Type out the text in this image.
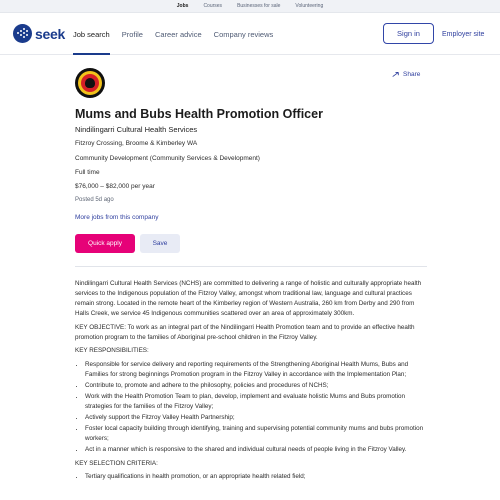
Jobs	Courses	Businesses for sale	Volunteering
seek Job search Profile Career advice Company reviews	Sign in	Employer site
Share
Mums and Bubs Health Promotion Officer
Nindilingarri Cultural Health Services
Fitzroy Crossing, Broome & Kimberley WA
Community Development (Community Services & Development)
Full time
$76,000 – $82,000 per year
Posted 5d ago
More jobs from this company
Quick apply	Save

Nindilingarri Cultural Health Services (NCHS) are committed to delivering a range of holistic and culturally appropriate health services to the Indigenous population of the Fitzroy Valley, amongst whom traditional law, language and cultural practices remain strong. Located in the remote heart of the Kimberley region of Western Australia, 260 km from Derby and 290 from Halls Creek, we service 45 Indigenous communities scattered over an area of approximately 300km.

KEY OBJECTIVE: To work as an integral part of the Nindilingarri Health Promotion team and to provide an effective health promotion program to the families of Aboriginal pre-school children in the Fitzroy Valley.

KEY RESPONSIBILITIES:

• Responsible for service delivery and reporting requirements of the Strengthening Aboriginal Health Mums, Bubs and Families for strong beginnings Promotion program in the Fitzroy Valley in accordance with the Implementation Plan;
• Contribute to, promote and adhere to the philosophy, policies and procedures of NCHS;
• Work with the Health Promotion Team to plan, develop, implement and evaluate holistic Mums and Bubs promotion strategies for the families of the Fitzroy Valley;
• Actively support the Fitzroy Valley Health Partnership;
• Foster local capacity building through identifying, training and supervising potential community mums and bubs promotion workers;
• Act in a manner which is responsive to the shared and individual cultural needs of people living in the Fitzroy Valley.

KEY SELECTION CRITERIA:

• Tertiary qualifications in health promotion, or an appropriate health related field;
